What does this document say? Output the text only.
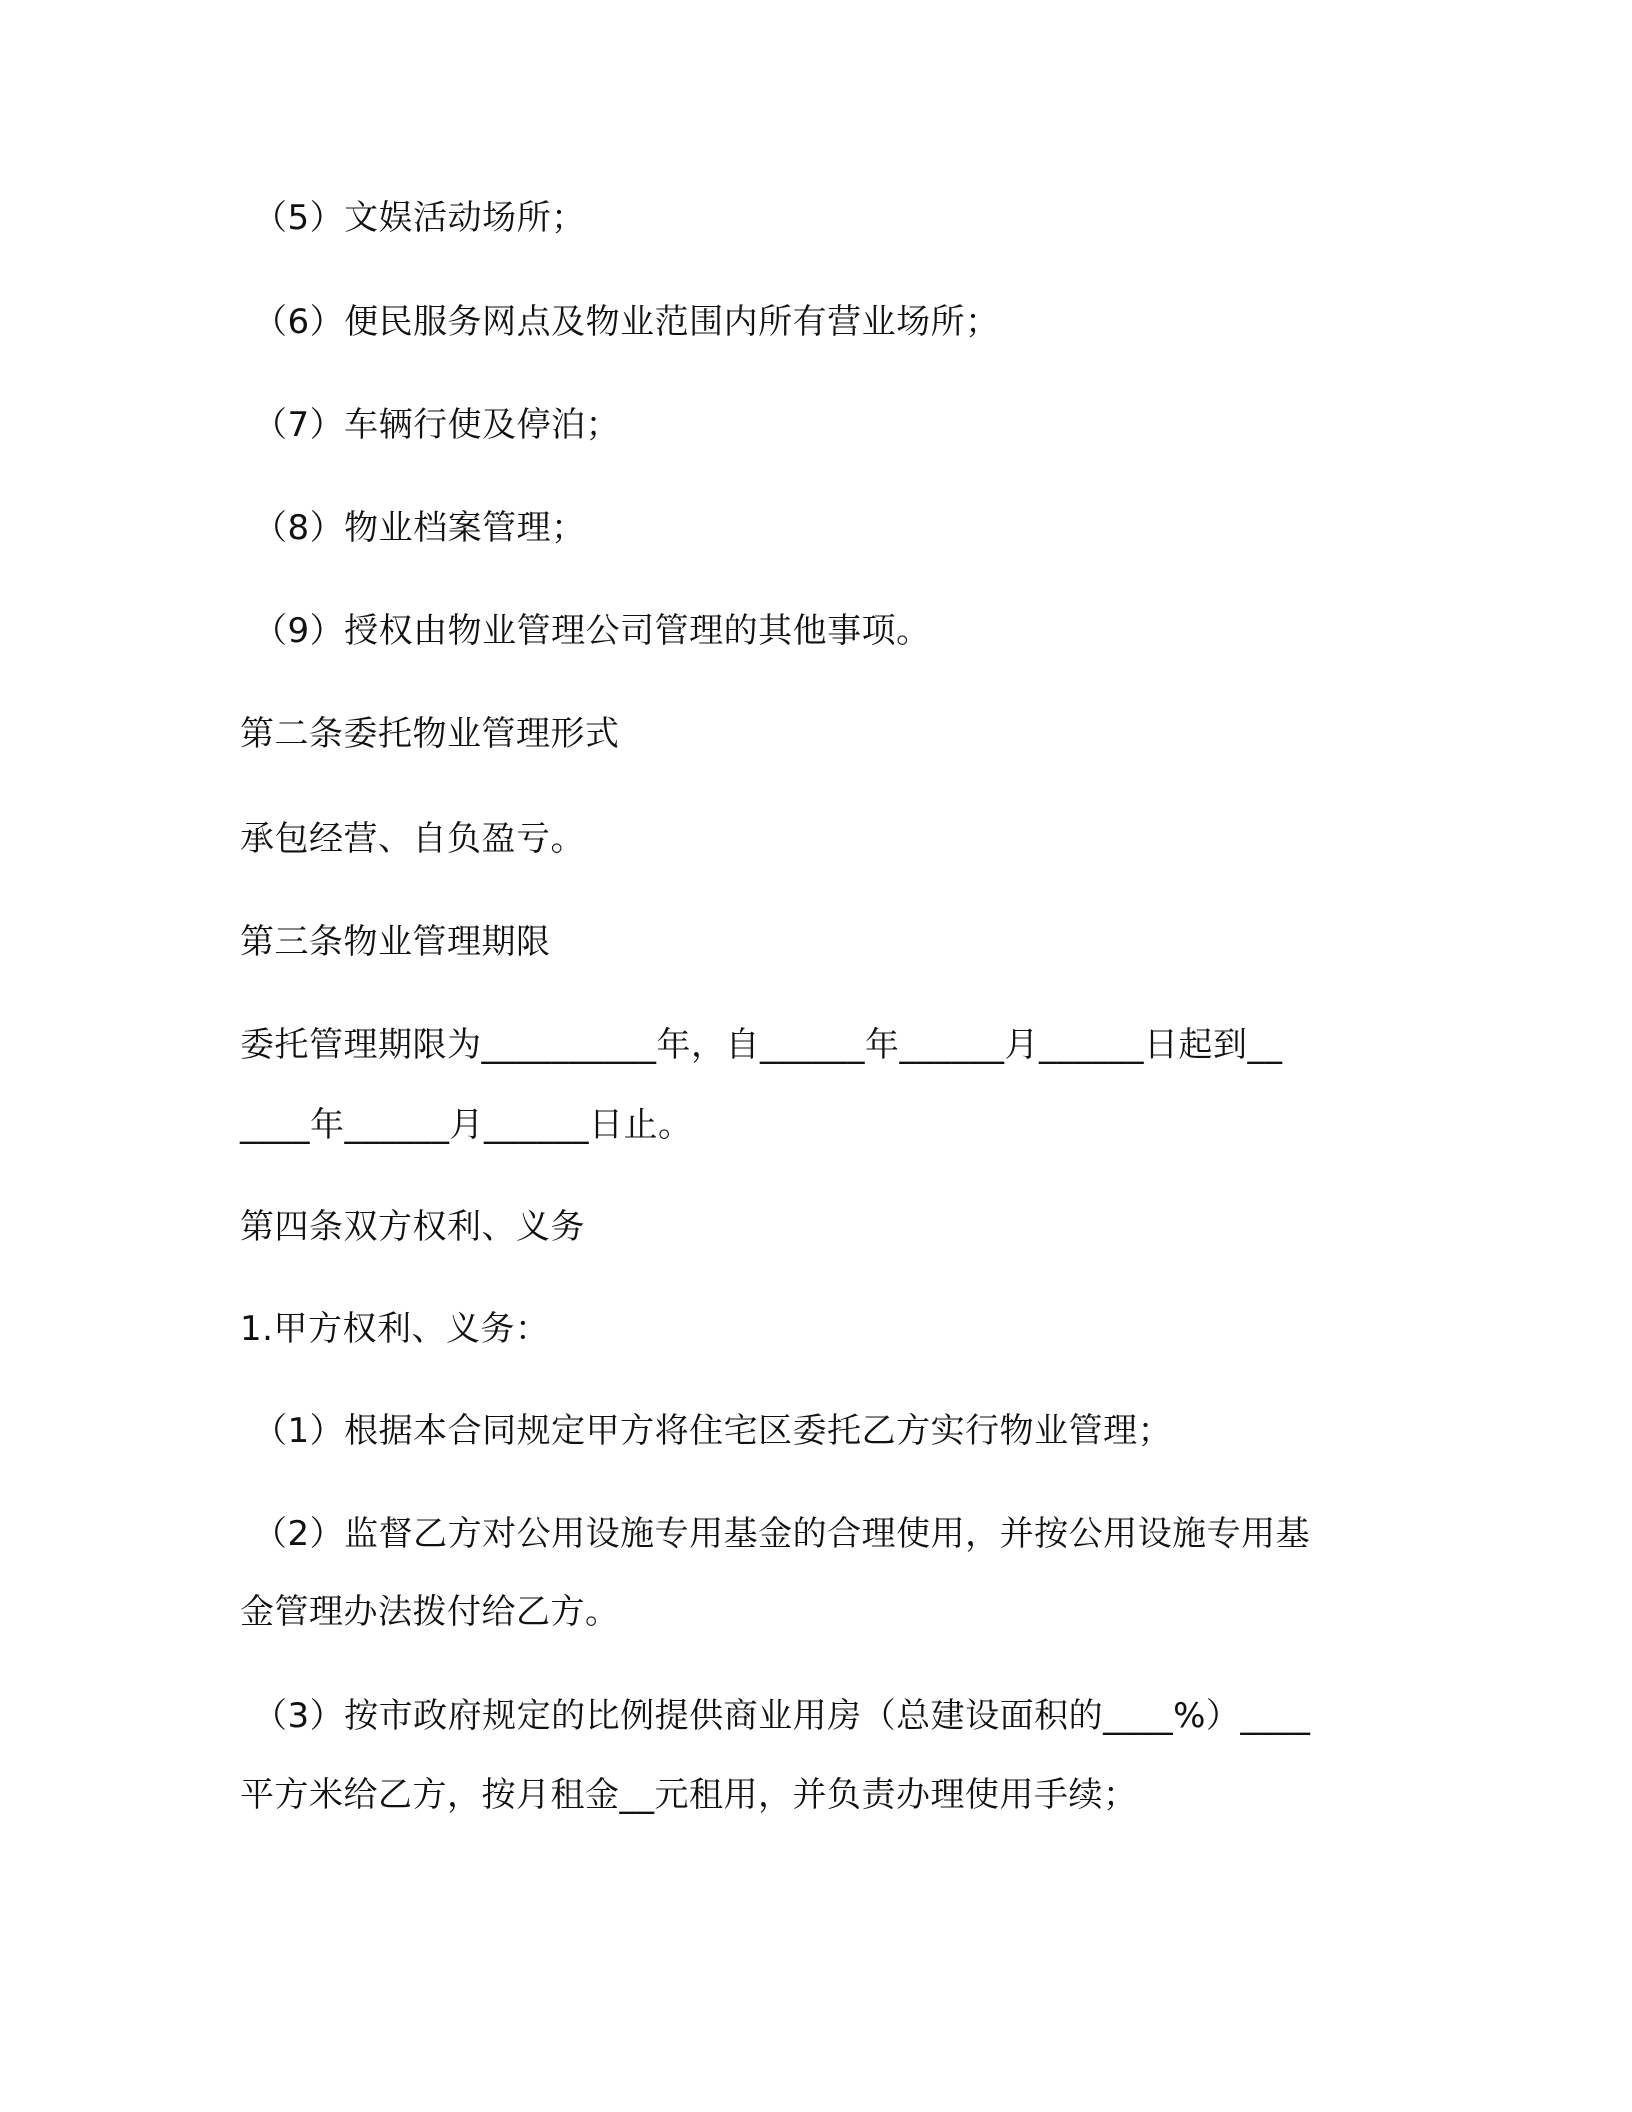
（5）文娱活动场所；
（6）便民服务网点及物业范围内所有营业场所；
（7）车辆行使及停泊；
（8）物业档案管理；
（9）授权由物业管理公司管理的其他事项。
第二条委托物业管理形式
承包经营、自负盈亏。
第三条物业管理期限
委托管理期限为__________年，自______年______月______日起到__
____年______月______日止。
第四条双方权利、义务
1.甲方权利、义务：
（1）根据本合同规定甲方将住宅区委托乙方实行物业管理；
（2）监督乙方对公用设施专用基金的合理使用，并按公用设施专用基
金管理办法拨付给乙方。
（3）按市政府规定的比例提供商业用房（总建设面积的____%）____
平方米给乙方，按月租金__元租用，并负责办理使用手续；
